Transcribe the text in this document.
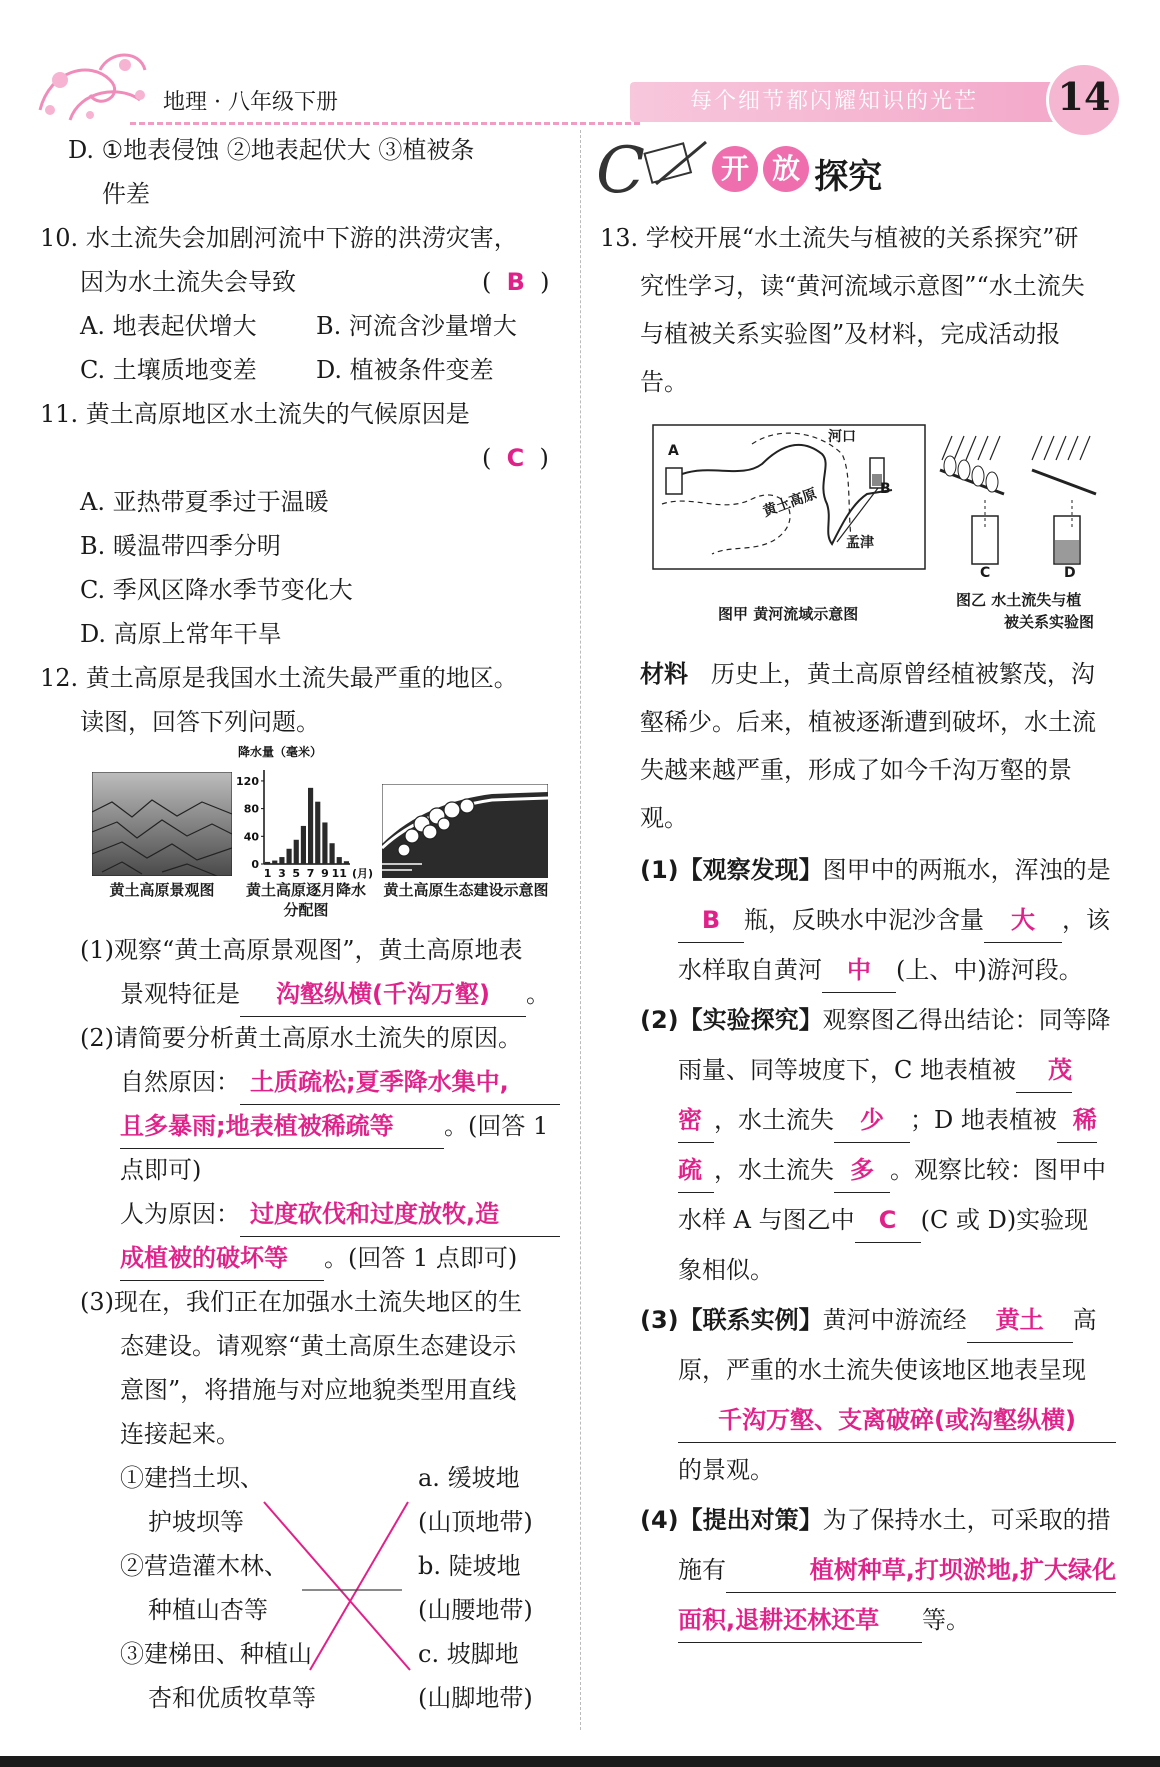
地理 · 八年级下册	每个细节都闪耀知识的光芒	14
D. ①地表侵蚀 ②地表起伏大 ③植被条
件差
10. 水土流失会加剧河流中下游的洪涝灾害，
因为水土流失会导致	(  B  )
A. 地表起伏增大 B. 河流含沙量增大
C. 土壤质地变差 D. 植被条件变差
11. 黄土高原地区水土流失的气候原因是
(  C  )
A. 亚热带夏季过于温暖
B. 暖温带四季分明
C. 季风区降水季节变化大
D. 高原上常年干旱
12. 黄土高原是我国水土流失最严重的地区。
读图，回答下列问题。
黄土高原景观图
降水量（毫米）
0
40
80
120
1 3 5 7 9 11 (月)
黄土高原逐月降水
分配图
黄土高原生态建设示意图
(1)观察“黄土高原景观图”，黄土高原地表
景观特征是 沟壑纵横(千沟万壑) 。
(2)请简要分析黄土高原水土流失的原因。
自然原因： 土质疏松;夏季降水集中,
且多暴雨;地表植被稀疏等 。(回答 1
点即可)
人为原因： 过度砍伐和过度放牧,造
成植被的破坏等 。(回答 1 点即可)
(3)现在，我们正在加强水土流失地区的生
态建设。请观察“黄土高原生态建设示
意图”，将措施与对应地貌类型用直线
连接起来。
①建挡土坝、
护坡坝等
②营造灌木林、
种植山杏等
③建梯田、种植山
杏和优质牧草等
a. 缓坡地
(山顶地带)
b. 陡坡地
(山腰地带)
c. 坡脚地
(山脚地带)
C	开 放 探究
13. 学校开展“水土流失与植被的关系探究”研
究性学习，读“黄河流域示意图”“水土流失
与植被关系实验图”及材料，完成活动报
告。
河口
黄土高原
孟津
A
B
C	D
图甲 黄河流域示意图
图乙 水土流失与植
被关系实验图
材料 历史上，黄土高原曾经植被繁茂，沟
壑稀少。后来，植被逐渐遭到破坏，水土流
失越来越严重，形成了如今千沟万壑的景
观。
(1)【观察发现】图甲中的两瓶水，浑浊的是
B 瓶，反映水中泥沙含量 大 ，该
水样取自黄河 中 (上、中)游河段。
(2)【实验探究】观察图乙得出结论：同等降
雨量、同等坡度下，C 地表植被 茂
密 ，水土流失 少 ；D 地表植被 稀
疏 ，水土流失 多 。观察比较：图甲中
水样 A 与图乙中 C (C 或 D)实验现
象相似。
(3)【联系实例】黄河中游流经 黄土 高
原，严重的水土流失使该地区地表呈现
千沟万壑、支离破碎(或沟壑纵横)
的景观。
(4)【提出对策】为了保持水土，可采取的措
施有	植树种草,打坝淤地,扩大绿化
面积,退耕还林还草 等。
